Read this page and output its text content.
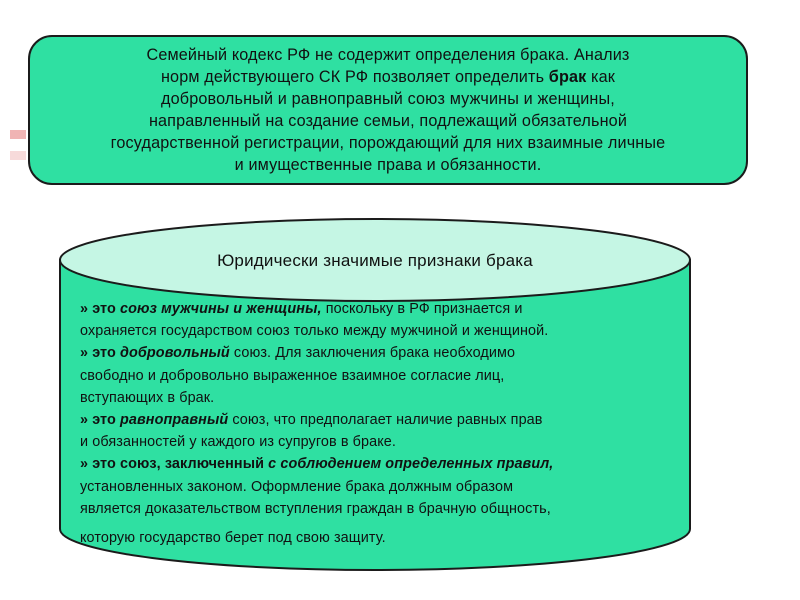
Семейный кодекс РФ не содержит определения брака. Анализ
норм действующего СК РФ позволяет определить брак как
добровольный и равноправный союз мужчины и женщины,
направленный на создание семьи, подлежащий обязательной
государственной регистрации, порождающий для них взаимные личные
и имущественные права и обязанности.
Юридически значимые признаки брака
» это союз мужчины и женщины, поскольку в РФ признается и
охраняется государством союз только между мужчиной и женщиной.
» это добровольный союз. Для заключения брака необходимо
свободно и добровольно выраженное взаимное согласие лиц,
вступающих в брак.
» это равноправный союз, что предполагает наличие равных прав
и обязанностей у каждого из супругов в браке.
» это союз, заключенный с соблюдением определенных правил,
установленных законом. Оформление брака должным образом
является доказательством вступления граждан в брачную общность,
которую государство берет под свою защиту.
